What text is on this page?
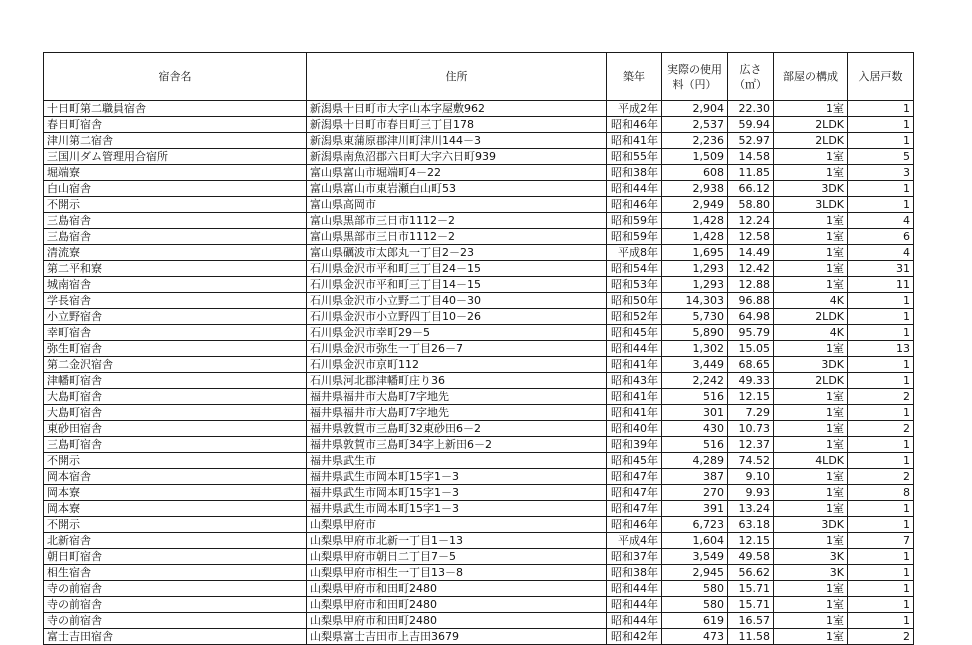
宿舎名	住所	築年	実際の使用料（円）	広さ（㎡）	部屋の構成	入居戸数
十日町第二職員宿舎	新潟県十日町市大字山本字屋敷962	平成2年	2,904	22.30	1室	1
春日町宿舎	新潟県十日町市春日町三丁目178	昭和46年	2,537	59.94	2LDK	1
津川第二宿舎	新潟県東蒲原郡津川町津川144－3	昭和41年	2,236	52.97	2LDK	1
三国川ダム管理用合宿所	新潟県南魚沼郡六日町大字六日町939	昭和55年	1,509	14.58	1室	5
堀端寮	富山県富山市堀端町4－22	昭和38年	608	11.85	1室	3
白山宿舎	富山県富山市東岩瀬白山町53	昭和44年	2,938	66.12	3DK	1
不開示	富山県高岡市	昭和46年	2,949	58.80	3LDK	1
三島宿舎	富山県黒部市三日市1112－2	昭和59年	1,428	12.24	1室	4
三島宿舎	富山県黒部市三日市1112－2	昭和59年	1,428	12.58	1室	6
清流寮	富山県礪波市太郎丸一丁目2－23	平成8年	1,695	14.49	1室	4
第二平和寮	石川県金沢市平和町三丁目24－15	昭和54年	1,293	12.42	1室	31
城南宿舎	石川県金沢市平和町三丁目14－15	昭和53年	1,293	12.88	1室	11
学長宿舎	石川県金沢市小立野二丁目40－30	昭和50年	14,303	96.88	4K	1
小立野宿舎	石川県金沢市小立野四丁目10－26	昭和52年	5,730	64.98	2LDK	1
幸町宿舎	石川県金沢市幸町29－5	昭和45年	5,890	95.79	4K	1
弥生町宿舎	石川県金沢市弥生一丁目26－7	昭和44年	1,302	15.05	1室	13
第二金沢宿舎	石川県金沢市京町112	昭和41年	3,449	68.65	3DK	1
津幡町宿舎	石川県河北郡津幡町庄り36	昭和43年	2,242	49.33	2LDK	1
大島町宿舎	福井県福井市大島町7字地先	昭和41年	516	12.15	1室	2
大島町宿舎	福井県福井市大島町7字地先	昭和41年	301	7.29	1室	1
東砂田宿舎	福井県敦賀市三島町32東砂田6－2	昭和40年	430	10.73	1室	2
三島町宿舎	福井県敦賀市三島町34字上新田6－2	昭和39年	516	12.37	1室	1
不開示	福井県武生市	昭和45年	4,289	74.52	4LDK	1
岡本宿舎	福井県武生市岡本町15字1－3	昭和47年	387	9.10	1室	2
岡本寮	福井県武生市岡本町15字1－3	昭和47年	270	9.93	1室	8
岡本寮	福井県武生市岡本町15字1－3	昭和47年	391	13.24	1室	1
不開示	山梨県甲府市	昭和46年	6,723	63.18	3DK	1
北新宿舎	山梨県甲府市北新一丁目1－13	平成4年	1,604	12.15	1室	7
朝日町宿舎	山梨県甲府市朝日二丁目7－5	昭和37年	3,549	49.58	3K	1
相生宿舎	山梨県甲府市相生一丁目13－8	昭和38年	2,945	56.62	3K	1
寺の前宿舎	山梨県甲府市和田町2480	昭和44年	580	15.71	1室	1
寺の前宿舎	山梨県甲府市和田町2480	昭和44年	580	15.71	1室	1
寺の前宿舎	山梨県甲府市和田町2480	昭和44年	619	16.57	1室	1
富士吉田宿舎	山梨県富士吉田市上吉田3679	昭和42年	473	11.58	1室	2
